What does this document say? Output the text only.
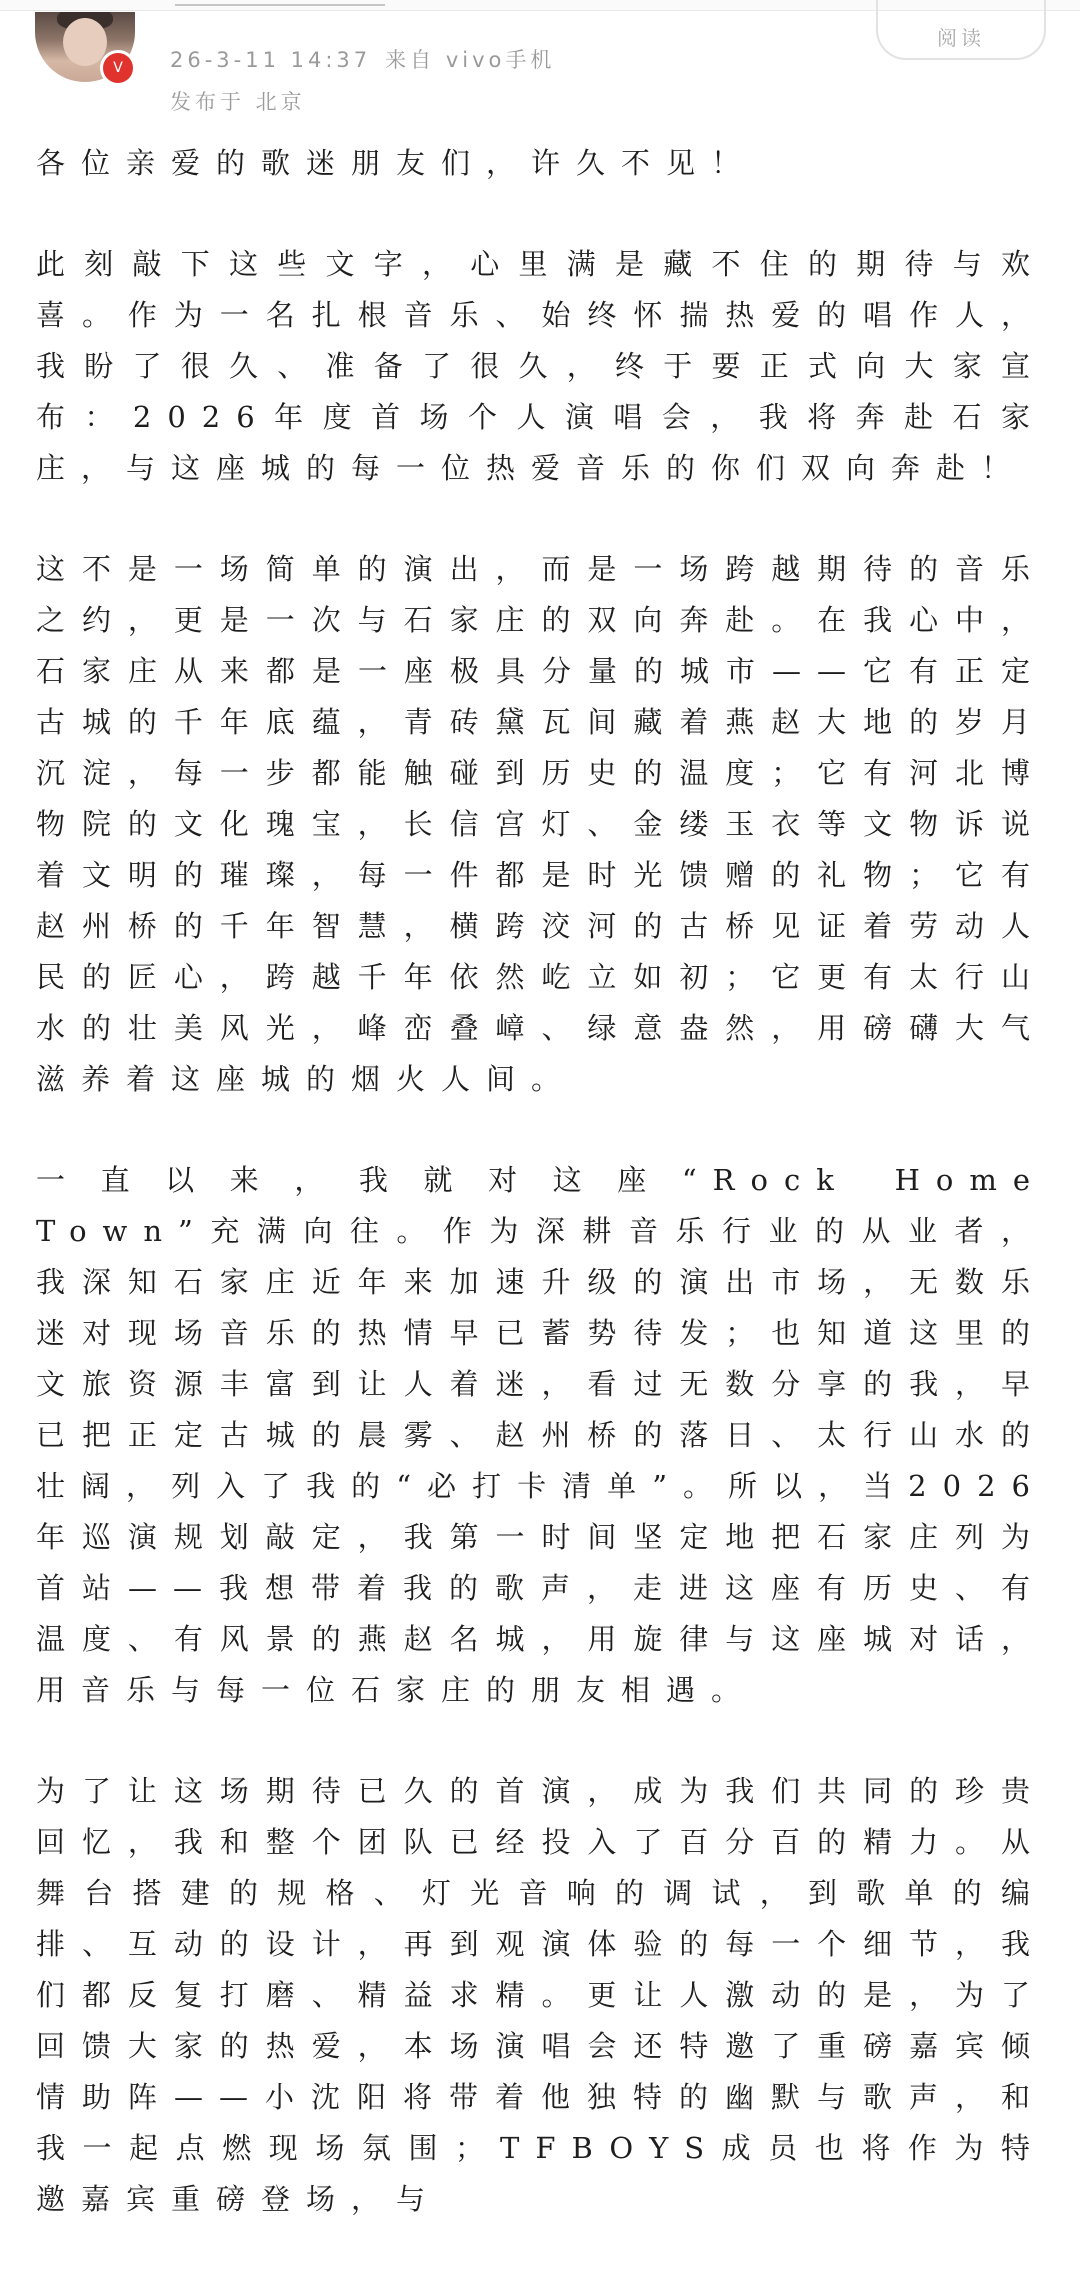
V	26-3-11 14:37 来自 vivo手机
发布于 北京
阅读

各位亲爱的歌迷朋友们，许久不见！

此刻敲下这些文字，心里满是藏不住的期待与欢喜。作为一名扎根音乐、始终怀揣热爱的唱作人，我盼了很久、准备了很久，终于要正式向大家宣布：2026年度首场个人演唱会，我将奔赴石家庄，与这座城的每一位热爱音乐的你们双向奔赴！

这不是一场简单的演出，而是一场跨越期待的音乐之约，更是一次与石家庄的双向奔赴。在我心中，石家庄从来都是一座极具分量的城市——它有正定古城的千年底蕴，青砖黛瓦间藏着燕赵大地的岁月沉淀，每一步都能触碰到历史的温度；它有河北博物院的文化瑰宝，长信宫灯、金缕玉衣等文物诉说着文明的璀璨，每一件都是时光馈赠的礼物；它有赵州桥的千年智慧，横跨洨河的古桥见证着劳动人民的匠心，跨越千年依然屹立如初；它更有太行山水的壮美风光，峰峦叠嶂、绿意盎然，用磅礴大气滋养着这座城的烟火人间。

一直以来，我就对这座“Rock Home Town”充满向往。作为深耕音乐行业的从业者，我深知石家庄近年来加速升级的演出市场，无数乐迷对现场音乐的热情早已蓄势待发；也知道这里的文旅资源丰富到让人着迷，看过无数分享的我，早已把正定古城的晨雾、赵州桥的落日、太行山水的壮阔，列入了我的“必打卡清单”。所以，当2026年巡演规划敲定，我第一时间坚定地把石家庄列为首站——我想带着我的歌声，走进这座有历史、有温度、有风景的燕赵名城，用旋律与这座城对话，用音乐与每一位石家庄的朋友相遇。

为了让这场期待已久的首演，成为我们共同的珍贵回忆，我和整个团队已经投入了百分百的精力。从舞台搭建的规格、灯光音响的调试，到歌单的编排、互动的设计，再到观演体验的每一个细节，我们都反复打磨、精益求精。更让人激动的是，为了回馈大家的热爱，本场演唱会还特邀了重磅嘉宾倾情助阵——小沈阳将带着他独特的幽默与歌声，和我一起点燃现场氛围；TFBOYS成员也将作为特邀嘉宾重磅登场，与
